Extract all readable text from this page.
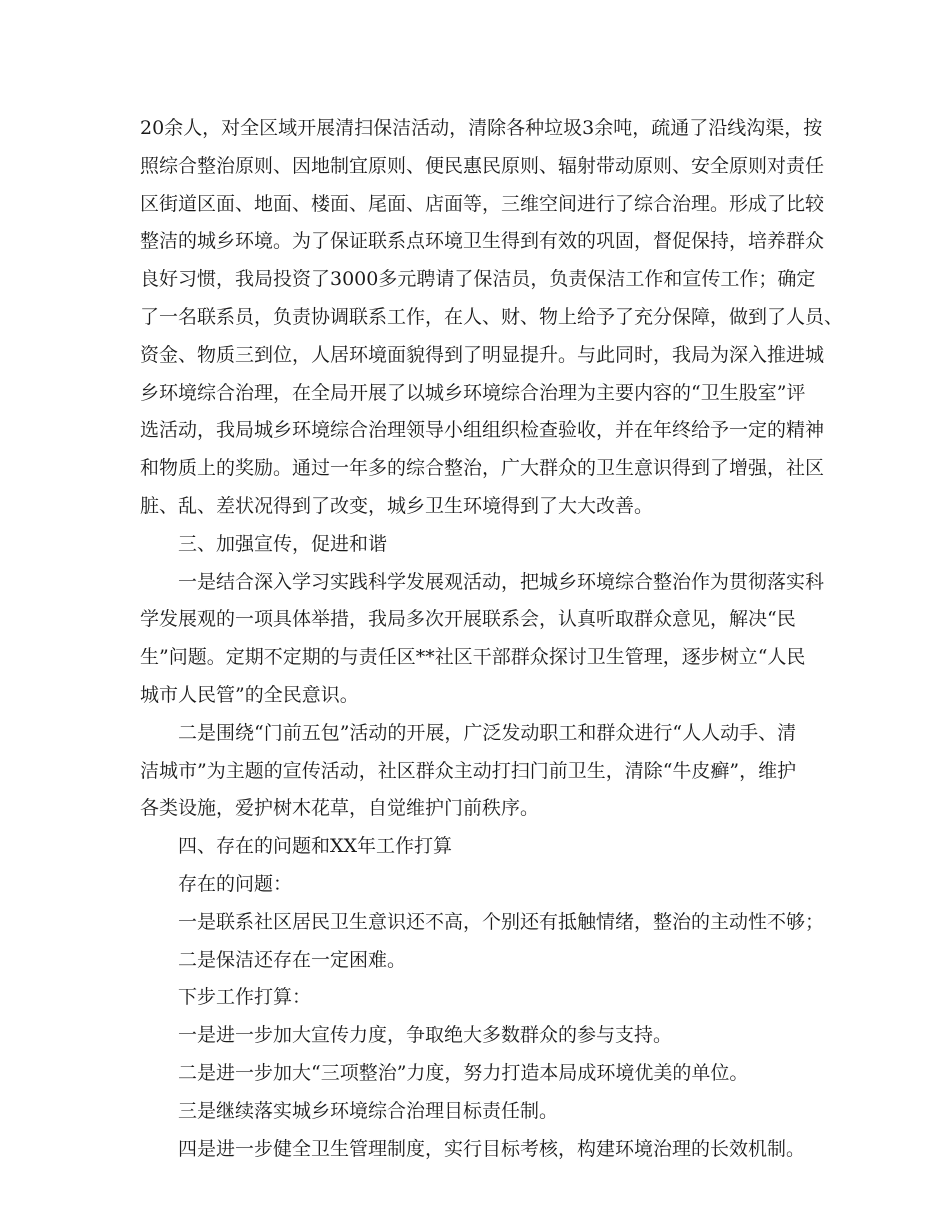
20余人，对全区域开展清扫保洁活动，清除各种垃圾3余吨，疏通了沿线沟渠，按
照综合整治原则、因地制宜原则、便民惠民原则、辐射带动原则、安全原则对责任
区街道区面、地面、楼面、尾面、店面等，三维空间进行了综合治理。形成了比较
整洁的城乡环境。为了保证联系点环境卫生得到有效的巩固，督促保持，培养群众
良好习惯，我局投资了3000多元聘请了保洁员，负责保洁工作和宣传工作；确定
了一名联系员，负责协调联系工作，在人、财、物上给予了充分保障，做到了人员、
资金、物质三到位，人居环境面貌得到了明显提升。与此同时，我局为深入推进城
乡环境综合治理，在全局开展了以城乡环境综合治理为主要内容的“卫生股室”评
选活动，我局城乡环境综合治理领导小组组织检查验收，并在年终给予一定的精神
和物质上的奖励。通过一年多的综合整治，广大群众的卫生意识得到了增强，社区
脏、乱、差状况得到了改变，城乡卫生环境得到了大大改善。
三、加强宣传，促进和谐
一是结合深入学习实践科学发展观活动，把城乡环境综合整治作为贯彻落实科
学发展观的一项具体举措，我局多次开展联系会，认真听取群众意见，解决“民
生”问题。定期不定期的与责任区**社区干部群众探讨卫生管理，逐步树立“人民
城市人民管”的全民意识。
二是围绕“门前五包”活动的开展，广泛发动职工和群众进行“人人动手、清
洁城市”为主题的宣传活动，社区群众主动打扫门前卫生，清除“牛皮癣”，维护
各类设施，爱护树木花草，自觉维护门前秩序。
四、存在的问题和XX年工作打算
存在的问题：
一是联系社区居民卫生意识还不高，个别还有抵触情绪，整治的主动性不够；
二是保洁还存在一定困难。
下步工作打算：
一是进一步加大宣传力度，争取绝大多数群众的参与支持。
二是进一步加大“三项整治”力度，努力打造本局成环境优美的单位。
三是继续落实城乡环境综合治理目标责任制。
四是进一步健全卫生管理制度，实行目标考核，构建环境治理的长效机制。
